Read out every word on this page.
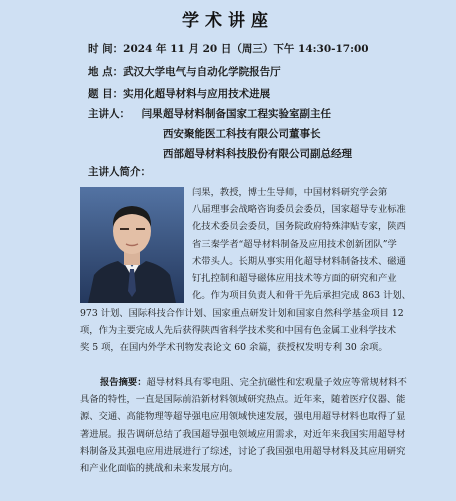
学术讲座
时 间：2024 年 11 月 20 日（周三）下午 14:30-17:00
地 点：武汉大学电气与自动化学院报告厅
题 目：实用化超导材料与应用技术进展
主讲人： 闫果 超导材料制备国家工程实验室副主任
西安聚能医工科技有限公司董事长
西部超导材料科技股份有限公司副总经理
主讲人简介：
闫果，教授，博士生导师，中国材料研究学会第
八届理事会战略咨询委员会委员，国家超导专业标准
化技术委员会委员，国务院政府特殊津贴专家，陕西
省三秦学者“超导材料制备及应用技术创新团队”学
术带头人。长期从事实用化超导材料制备技术、磁通
钉扎控制和超导磁体应用技术等方面的研究和产业
化。作为项目负责人和骨干先后承担完成 863 计划、
973 计划、国际科技合作计划、国家重点研发计划和国家自然科学基金项目 12
项，作为主要完成人先后获得陕西省科学技术奖和中国有色金属工业科学技术
奖 5 项，在国内外学术刊物发表论文 60 余篇，获授权发明专利 30 余项。
报告摘要：超导材料具有零电阻、完全抗磁性和宏观量子效应等常规材料不
具备的特性，一直是国际前沿新材料领域研究热点。近年来，随着医疗仪器、能
源、交通、高能物理等超导强电应用领域快速发展，强电用超导材料也取得了显
著进展。报告调研总结了我国超导强电领域应用需求，对近年来我国实用超导材
料制备及其强电应用进展进行了综述，讨论了我国强电用超导材料及其应用研究
和产业化面临的挑战和未来发展方向。
